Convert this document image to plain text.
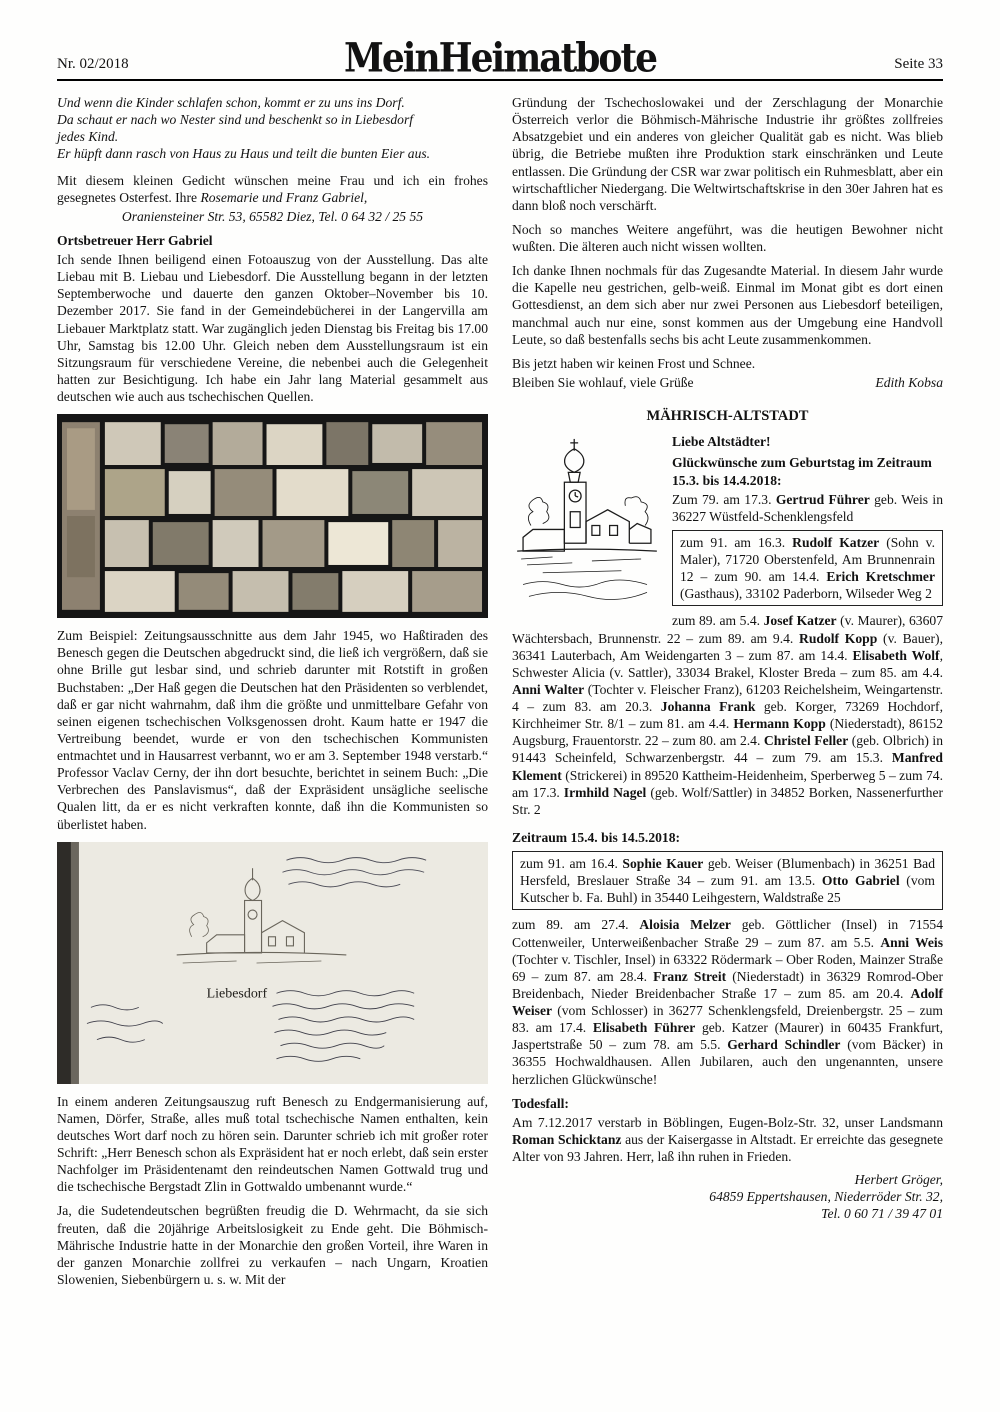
Nr. 02/2018	MeinHeimatbote	Seite 33
Und wenn die Kinder schlafen schon, kommt er zu uns ins Dorf.
Da schaut er nach wo Nester sind und beschenkt so in Liebesdorf
jedes Kind.
Er hüpft dann rasch von Haus zu Haus und teilt die bunten Eier aus.

Mit diesem kleinen Gedicht wünschen meine Frau und ich ein frohes gesegnetes Osterfest. Ihre Rosemarie und Franz Gabriel,

Oraniensteiner Str. 53, 65582 Diez, Tel. 0 64 32 / 25 55

Ortsbetreuer Herr Gabriel

Ich sende Ihnen beiligend einen Fotoauszug von der Ausstellung. Das alte Liebau mit B. Liebau und Liebesdorf. Die Ausstellung begann in der letzten Septemberwoche und dauerte den ganzen Oktober–November bis 10. Dezember 2017. Sie fand in der Gemeindebücherei in der Langervilla am Liebauer Marktplatz statt. War zugänglich jeden Dienstag bis Freitag bis 17.00 Uhr, Samstag bis 12.00 Uhr. Gleich neben dem Ausstellungsraum ist ein Sitzungsraum für verschiedene Vereine, die nebenbei auch die Gelegenheit hatten zur Besichtigung. Ich habe ein Jahr lang Material gesammelt aus deutschen wie auch aus tschechischen Quellen.

Zum Beispiel: Zeitungsausschnitte aus dem Jahr 1945, wo Haßtiraden des Benesch gegen die Deutschen abgedruckt sind, die ließ ich vergrößern, daß sie ohne Brille gut lesbar sind, und schrieb darunter mit Rotstift in großen Buchstaben: „Der Haß gegen die Deutschen hat den Präsidenten so verblendet, daß er gar nicht wahrnahm, daß ihm die größte und unmittelbare Gefahr von seinen eigenen tschechischen Volksgenossen droht. Kaum hatte er 1947 die Vertreibung beendet, wurde er von den tschechischen Kommunisten entmachtet und in Hausarrest verbannt, wo er am 3. September 1948 verstarb.“ Professor Vaclav Cerny, der ihn dort besuchte, berichtet in seinem Buch: „Die Verbrechen des Panslavismus“, daß der Expräsident unsägliche seelische Qualen litt, da er es nicht verkraften konnte, daß ihn die Kommunisten so überlistet haben.

Liebesdorf

In einem anderen Zeitungsauszug ruft Benesch zu Endgermanisierung auf, Namen, Dörfer, Straße, alles muß total tschechische Namen enthalten, kein deutsches Wort darf noch zu hören sein. Darunter schrieb ich mit großer roter Schrift: „Herr Benesch schon als Expräsident hat er noch erlebt, daß sein erster Nachfolger im Präsidentenamt den reindeutschen Namen Gottwald trug und die tschechische Bergstadt Zlin in Gottwaldo umbenannt wurde.“

Ja, die Sudetendeutschen begrüßten freudig die D. Wehrmacht, da sie sich freuten, daß die 20jährige Arbeitslosigkeit zu Ende geht. Die Böhmisch-Mährische Industrie hatte in der Monarchie den großen Vorteil, ihre Waren in der ganzen Monarchie zollfrei zu verkaufen – nach Ungarn, Kroatien Slowenien, Siebenbürgern u. s. w. Mit der

Gründung der Tschechoslowakei und der Zerschlagung der Monarchie Österreich verlor die Böhmisch-Mährische Industrie ihr größtes zollfreies Absatzgebiet und ein anderes von gleicher Qualität gab es nicht. Was blieb übrig, die Betriebe mußten ihre Produktion stark einschränken und Leute entlassen. Die Gründung der CSR war zwar politisch ein Ruhmesblatt, aber ein wirtschaftlicher Niedergang. Die Weltwirtschaftskrise in den 30er Jahren hat es dann bloß noch verschärft.

Noch so manches Weitere angeführt, was die heutigen Bewohner nicht wußten. Die älteren auch nicht wissen wollten.

Ich danke Ihnen nochmals für das Zugesandte Material. In diesem Jahr wurde die Kapelle neu gestrichen, gelb-weiß. Einmal im Monat gibt es dort einen Gottesdienst, an dem sich aber nur zwei Personen aus Liebesdorf beteiligen, manchmal auch nur eine, sonst kommen aus der Umgebung eine Handvoll Leute, so daß bestenfalls sechs bis acht Leute zusammenkommen.

Bis jetzt haben wir keinen Frost und Schnee.

Bleiben Sie wohlauf, viele Grüße	Edith Kobsa
MÄHRISCH-ALTSTADT
Liebe Altstädter!
Glückwünsche zum Geburtstag im Zeitraum 15.3. bis 14.4.2018:

Zum 79. am 17.3. Gertrud Führer geb. Weis in 36227 Wüstfeld-Schenklengsfeld

zum 91. am 16.3. Rudolf Katzer (Sohn v. Maler), 71720 Oberstenfeld, Am Brunnenrain 12 – zum 90. am 14.4. Erich Kretschmer (Gasthaus), 33102 Paderborn, Wilseder Weg 2

zum 89. am 5.4. Josef Katzer (v. Maurer), 63607 Wächtersbach, Brunnenstr. 22 – zum 89. am 9.4. Rudolf Kopp (v. Bauer), 36341 Lauterbach, Am Weidengarten 3 – zum 87. am 14.4. Elisabeth Wolf, Schwester Alicia (v. Sattler), 33034 Brakel, Kloster Breda – zum 85. am 4.4. Anni Walter (Tochter v. Fleischer Franz), 61203 Reichelsheim, Weingartenstr. 4 – zum 83. am 20.3. Johanna Frank geb. Korger, 73269 Hochdorf, Kirchheimer Str. 8/1 – zum 81. am 4.4. Hermann Kopp (Niederstadt), 86152 Augsburg, Frauentorstr. 22 – zum 80. am 2.4. Christel Feller (geb. Olbrich) in 91443 Scheinfeld, Schwarzenbergstr. 44 – zum 79. am 15.3. Manfred Klement (Strickerei) in 89520 Kattheim-Heidenheim, Sperberweg 5 – zum 74. am 17.3. Irmhild Nagel (geb. Wolf/Sattler) in 34852 Borken, Nassenerfurther Str. 2

Zeitraum 15.4. bis 14.5.2018:
zum 91. am 16.4. Sophie Kauer geb. Weiser (Blumenbach) in 36251 Bad Hersfeld, Breslauer Straße 34 – zum 91. am 13.5. Otto Gabriel (vom Kutscher b. Fa. Buhl) in 35440 Leihgestern, Waldstraße 25

zum 89. am 27.4. Aloisia Melzer geb. Göttlicher (Insel) in 71554 Cottenweiler, Unterweißenbacher Straße 29 – zum 87. am 5.5. Anni Weis (Tochter v. Tischler, Insel) in 63322 Rödermark – Ober Roden, Mainzer Straße 69 – zum 87. am 28.4. Franz Streit (Niederstadt) in 36329 Romrod-Ober Breidenbach, Nieder Breidenbacher Straße 17 – zum 85. am 20.4. Adolf Weiser (vom Schlosser) in 36277 Schenklengsfeld, Dreienbergstr. 25 – zum 83. am 17.4. Elisabeth Führer geb. Katzer (Maurer) in 60435 Frankfurt, Jaspertstraße 50 – zum 78. am 5.5. Gerhard Schindler (vom Bäcker) in 36355 Hochwaldhausen. Allen Jubilaren, auch den ungenannten, unsere herzlichen Glückwünsche!

Todesfall:

Am 7.12.2017 verstarb in Böblingen, Eugen-Bolz-Str. 32, unser Landsmann Roman Schicktanz aus der Kaisergasse in Altstadt. Er erreichte das gesegnete Alter von 93 Jahren. Herr, laß ihn ruhen in Frieden.

Herbert Gröger,
64859 Eppertshausen, Niederröder Str. 32,
Tel. 0 60 71 / 39 47 01
